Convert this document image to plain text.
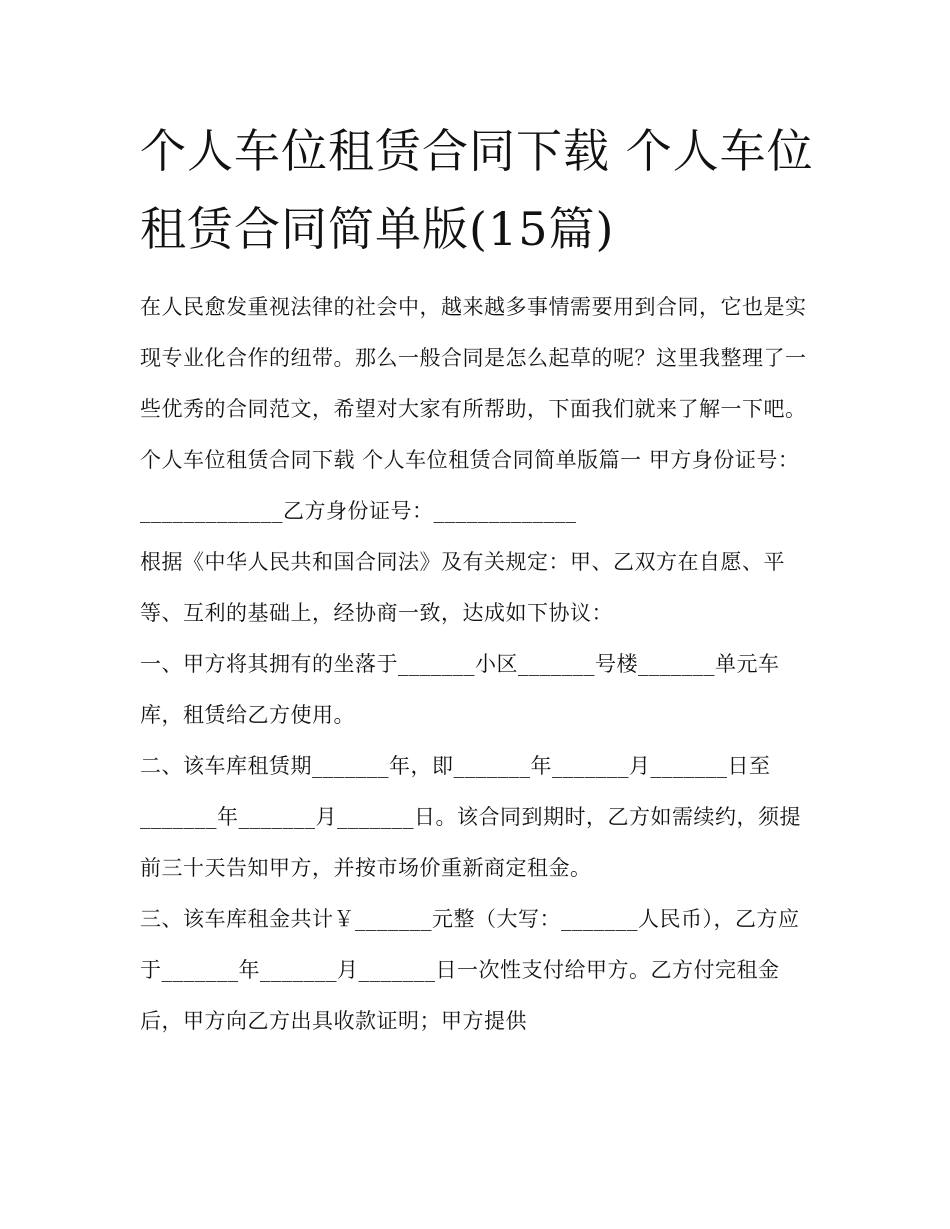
个人车位租赁合同下载 个人车位租赁合同简单版(15篇)

在人民愈发重视法律的社会中，越来越多事情需要用到合同，它也是实现专业化合作的纽带。那么一般合同是怎么起草的呢？这里我整理了一些优秀的合同范文，希望对大家有所帮助，下面我们就来了解一下吧。

个人车位租赁合同下载 个人车位租赁合同简单版篇一 甲方身份证号：_____________乙方身份证号：_____________

根据《中华人民共和国合同法》及有关规定：甲、乙双方在自愿、平等、互利的基础上，经协商一致，达成如下协议：

一、甲方将其拥有的坐落于_______小区_______号楼_______单元车库，租赁给乙方使用。

二、该车库租赁期_______年，即_______年_______月_______日至_______年_______月_______日。该合同到期时，乙方如需续约，须提前三十天告知甲方，并按市场价重新商定租金。

三、该车库租金共计￥_______元整（大写：_______人民币），乙方应于_______年_______月_______日一次性支付给甲方。乙方付完租金后，甲方向乙方出具收款证明；甲方提供
